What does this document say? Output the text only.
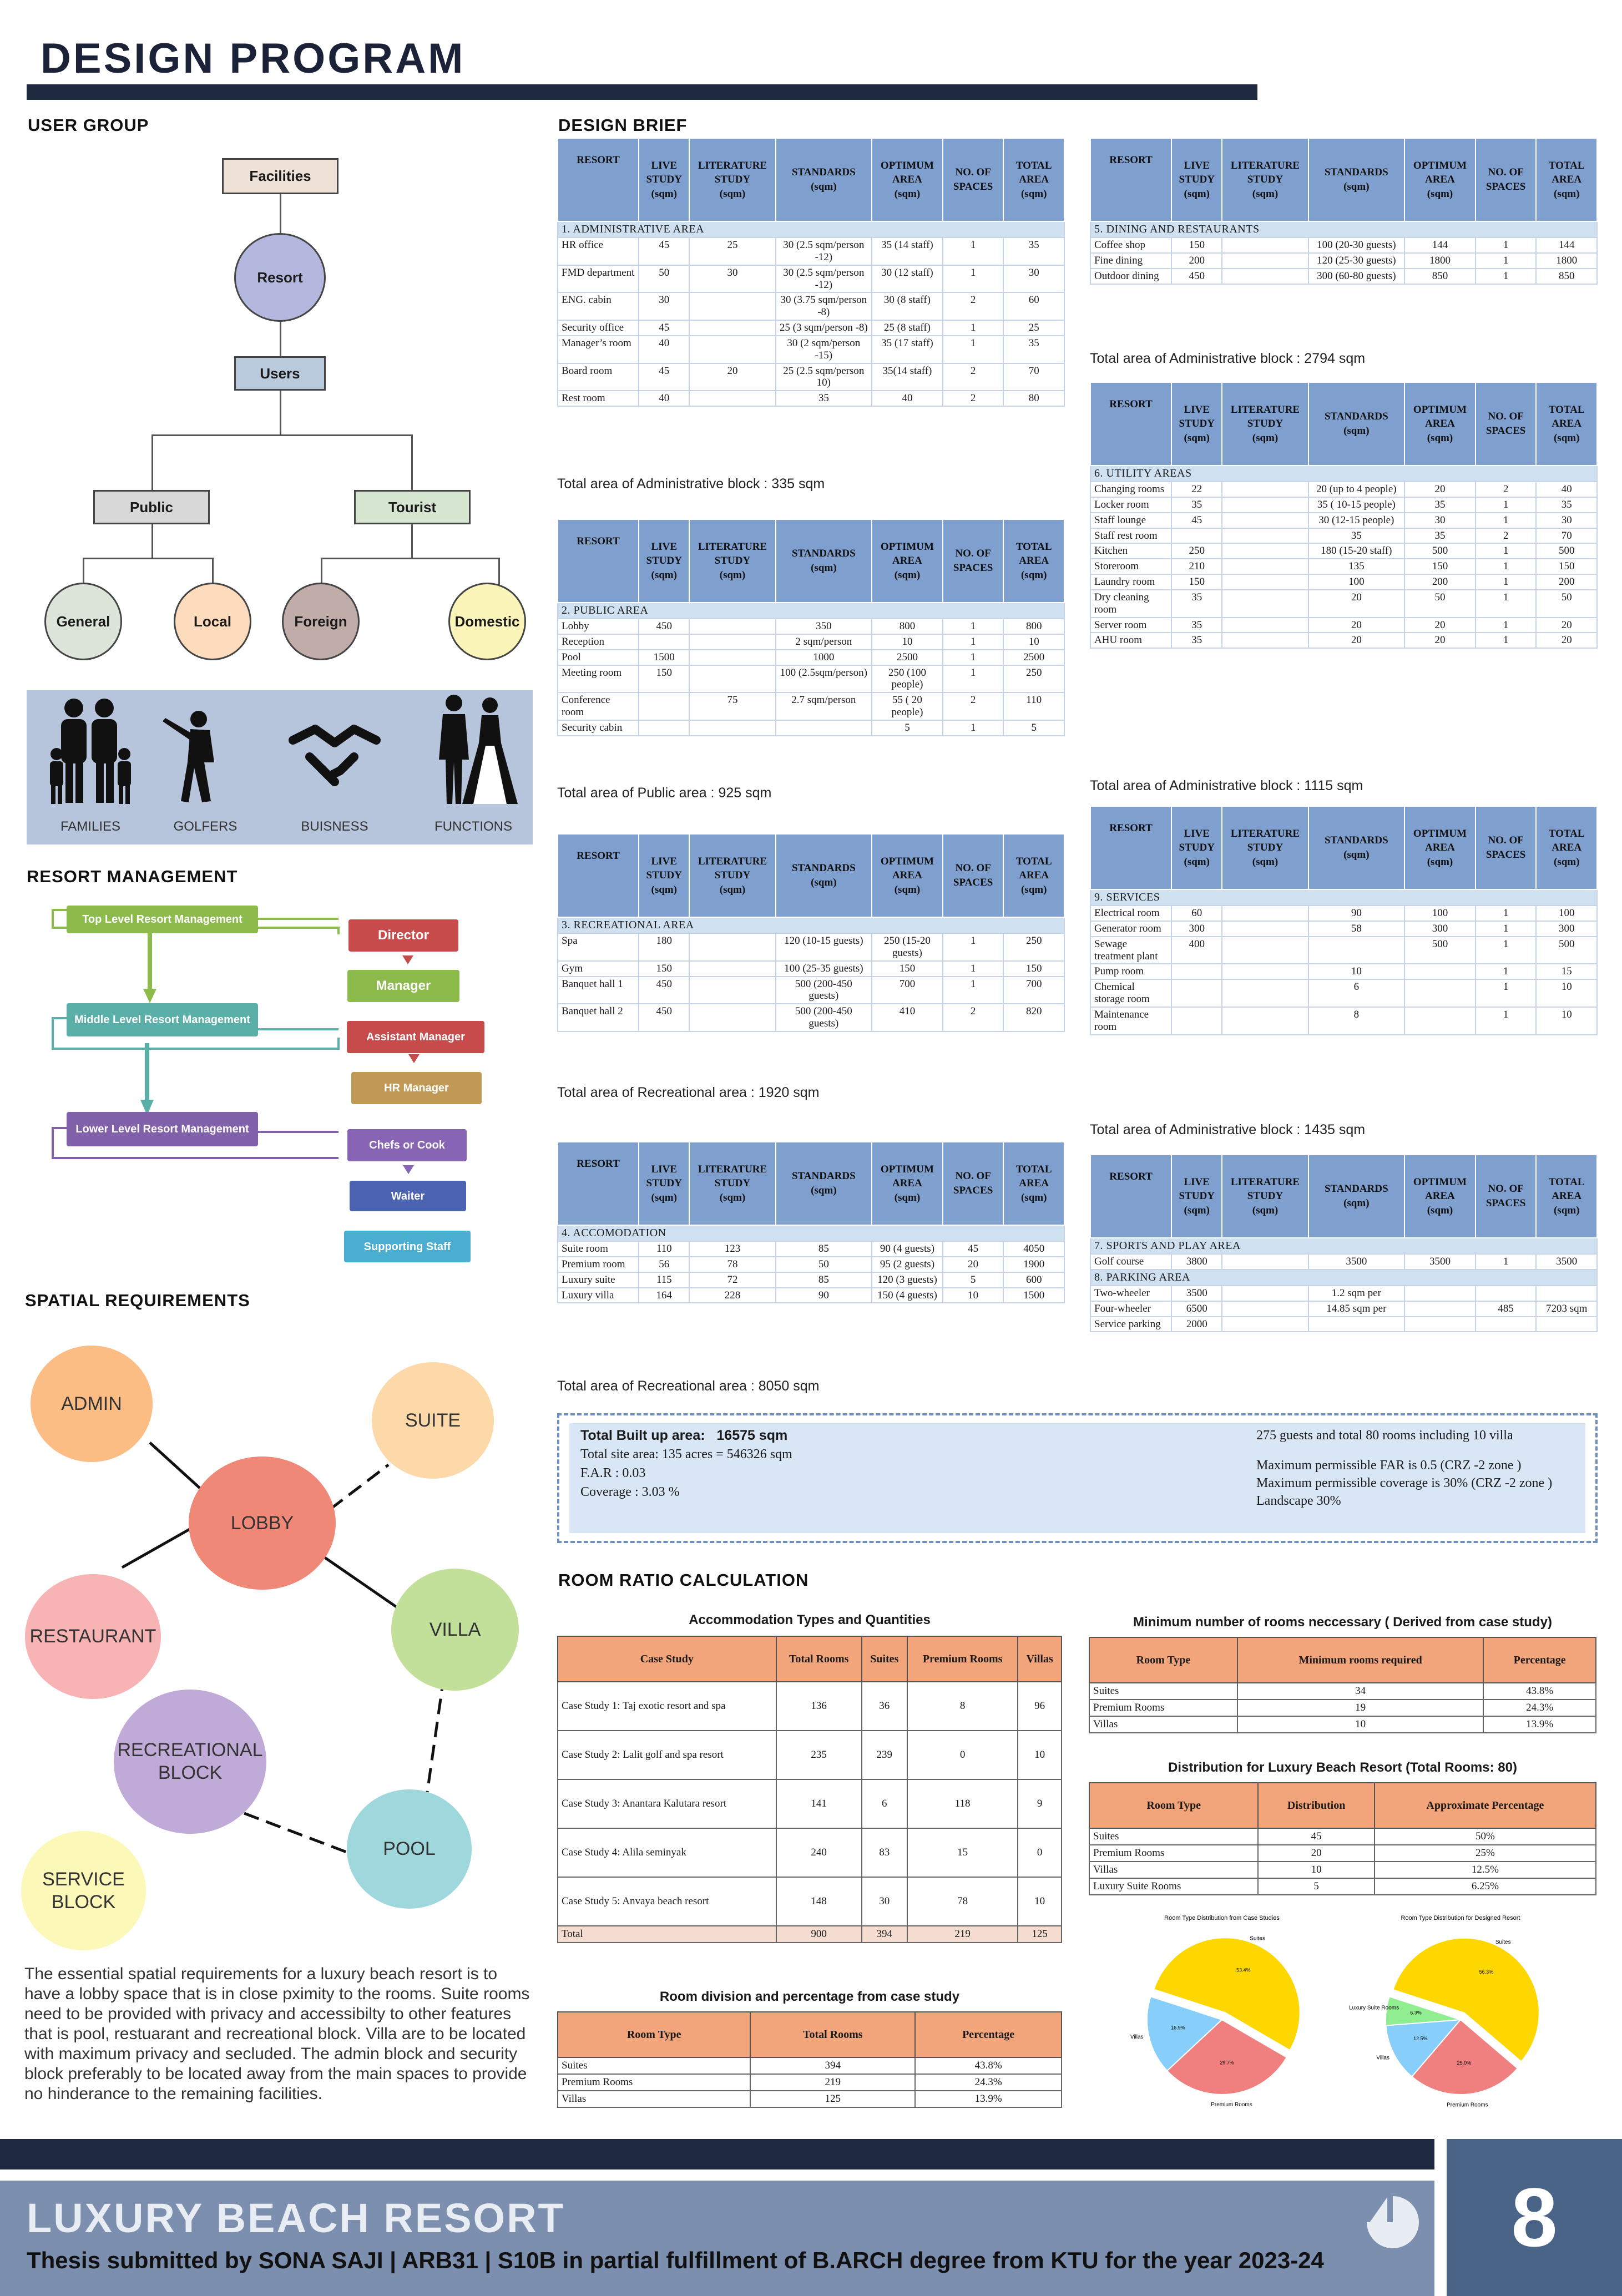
DESIGN PROGRAM
USER GROUP
Facilities
Resort
Users
Public	Tourist
General	Local	Foreign	Domestic
FAMILIES	GOLFERS	BUISNESS	FUNCTIONS
RESORT MANAGEMENT
Top Level Resort Management
Director
Manager
Middle Level Resort Management
Assistant Manager
HR Manager
Lower Level Resort Management
Chefs or Cook
Waiter
Supporting Staff
SPATIAL REQUIREMENTS
ADMIN
SUITE
LOBBY
RESTAURANT	VILLA
RECREATIONAL BLOCK
POOL
SERVICE BLOCK
The essential spatial requirements for a luxury beach resort is to have a lobby space that is in close pximity to the rooms. Suite rooms need to be provided with privacy and accessibilty to other features that is pool, restuarant and recreational block. Villa are to be located with maximum privacy and secluded. The admin block and security block preferably to be located away from the main spaces to provide no hinderance to the remaining facilities.
DESIGN BRIEF
RESORT	LIVE
STUDY
(sqm)	LITERATURE
STUDY
(sqm)	STANDARDS
(sqm)	OPTIMUM
AREA
(sqm)	NO. OF
SPACES	TOTAL
AREA
(sqm)
1. ADMINISTRATIVE AREA						
HR office	45	25	30 (2.5 sqm/person -12)	35 (14 staff)	1	35
FMD department	50	30	30 (2.5 sqm/person -12)	30 (12 staff)	1	30
ENG. cabin	30		30 (3.75 sqm/person -8)	30 (8 staff)	2	60
Security office	45		25 (3 sqm/person -8)	25 (8 staff)	1	25
Manager’s room	40		30 (2 sqm/person -15)	35 (17 staff)	1	35
Board room	45	20	25 (2.5 sqm/person 10)	35(14 staff)	2	70
Rest room	40		35	40	2	80
Total area of Administrative block : 335 sqm
RESORT	LIVE
STUDY
(sqm)	LITERATURE
STUDY
(sqm)	STANDARDS
(sqm)	OPTIMUM
AREA
(sqm)	NO. OF
SPACES	TOTAL
AREA
(sqm)
2. PUBLIC AREA						
Lobby	450		350	800	1	800
Reception			2 sqm/person	10	1	10
Pool	1500		1000	2500	1	2500
Meeting room	150		100 (2.5sqm/person)	250 (100 people)	1	250
Conference room		75	2.7 sqm/person	55 ( 20 people)	2	110
Security cabin				5	1	5
Total area of Public area : 925 sqm
RESORT	LIVE
STUDY
(sqm)	LITERATURE
STUDY
(sqm)	STANDARDS
(sqm)	OPTIMUM
AREA
(sqm)	NO. OF
SPACES	TOTAL
AREA
(sqm)
3. RECREATIONAL AREA						
Spa	180		120 (10-15 guests)	250 (15-20 guests)	1	250
Gym	150		100 (25-35 guests)	150	1	150
Banquet hall 1	450		500 (200-450 guests)	700	1	700
Banquet hall 2	450		500 (200-450 guests)	410	2	820
Total area of Recreational area : 1920 sqm
RESORT	LIVE
STUDY
(sqm)	LITERATURE
STUDY
(sqm)	STANDARDS
(sqm)	OPTIMUM
AREA
(sqm)	NO. OF
SPACES	TOTAL
AREA
(sqm)
4. ACCOMODATION						
Suite room	110	123	85	90 (4 guests)	45	4050
Premium room	56	78	50	95 (2 guests)	20	1900
Luxury suite	115	72	85	120 (3 guests)	5	600
Luxury villa	164	228	90	150 (4 guests)	10	1500
Total area of Recreational area : 8050 sqm
RESORT	LIVE
STUDY
(sqm)	LITERATURE
STUDY
(sqm)	STANDARDS
(sqm)	OPTIMUM
AREA
(sqm)	NO. OF
SPACES	TOTAL
AREA
(sqm)
5. DINING AND RESTAURANTS						
Coffee shop	150		100 (20-30 guests)	144	1	144
Fine dining	200		120 (25-30 guests)	1800	1	1800
Outdoor dining	450		300 (60-80 guests)	850	1	850
Total area of Administrative block : 2794 sqm
RESORT	LIVE
STUDY
(sqm)	LITERATURE
STUDY
(sqm)	STANDARDS
(sqm)	OPTIMUM
AREA
(sqm)	NO. OF
SPACES	TOTAL
AREA
(sqm)
6. UTILITY AREAS						
Changing rooms	22		20 (up to 4 people)	20	2	40
Locker room	35		35 ( 10-15 people)	35	1	35
Staff lounge	45		30 (12-15 people)	30	1	30
Staff rest room			35	35	2	70
Kitchen	250		180 (15-20 staff)	500	1	500
Storeroom	210		135	150	1	150
Laundry room	150		100	200	1	200
Dry cleaning room	35		20	50	1	50
Server room	35		20	20	1	20
AHU room	35		20	20	1	20
Total area of Administrative block : 1115 sqm
RESORT	LIVE
STUDY
(sqm)	LITERATURE
STUDY
(sqm)	STANDARDS
(sqm)	OPTIMUM
AREA
(sqm)	NO. OF
SPACES	TOTAL
AREA
(sqm)
9. SERVICES						
Electrical room	60		90	100	1	100
Generator room	300		58	300	1	300
Sewage treatment plant	400			500	1	500
Pump room			10		1	15
Chemical storage room			6		1	10
Maintenance room			8		1	10
Total area of Administrative block : 1435 sqm
RESORT	LIVE
STUDY
(sqm)	LITERATURE
STUDY
(sqm)	STANDARDS
(sqm)	OPTIMUM
AREA
(sqm)	NO. OF
SPACES	TOTAL
AREA
(sqm)
7. SPORTS AND PLAY AREA						
Golf course	3800		3500	3500	1	3500
8. PARKING AREA						
Two-wheeler	3500		1.2 sqm per			
Four-wheeler	6500		14.85 sqm per		485	7203 sqm
Service parking	2000					
Total Built up area: 16575 sqm
Total site area: 135 acres = 546326 sqm
F.A.R : 0.03
Coverage : 3.03 %
275 guests and total 80 rooms including 10 villa
Maximum permissible FAR is 0.5 (CRZ -2 zone )
Maximum permissible coverage is 30% (CRZ -2 zone )
Landscape 30%
ROOM RATIO CALCULATION
Accommodation Types and Quantities
Case Study	Total Rooms	Suites	Premium Rooms	Villas
Case Study 1: Taj exotic resort and spa	136	36	8	96
Case Study 2: Lalit golf and spa resort	235	239	0	10
Case Study 3: Anantara Kalutara resort	141	6	118	9
Case Study 4: Alila seminyak	240	83	15	0
Case Study 5: Anvaya beach resort	148	30	78	10
Total	900	394	219	125
Room division and percentage from case study
Room Type	Total Rooms	Percentage
Suites	394	43.8%
Premium Rooms	219	24.3%
Villas	125	13.9%
Minimum number of rooms neccessary ( Derived from case study)
Room Type	Minimum rooms required	Percentage
Suites	34	43.8%
Premium Rooms	19	24.3%
Villas	10	13.9%
Distribution for Luxury Beach Resort (Total Rooms: 80)
Room Type	Distribution	Approximate Percentage
Suites	45	50%
Premium Rooms	20	25%
Villas	10	12.5%
Luxury Suite Rooms	5	6.25%
Room Type Distribution from Case Studies
Suites
53.4%
Premium Rooms
29.7%
Villas
16.9%
Room Type Distribution for Designed Resort
Suites
56.3%
Premium Rooms
25.0%
Villas
12.5%
Luxury Suite Rooms
6.3%
LUXURY BEACH RESORT
Thesis submitted by SONA SAJI | ARB31 | S10B in partial fulfillment of B.ARCH degree from KTU for the year 2023-24	8
